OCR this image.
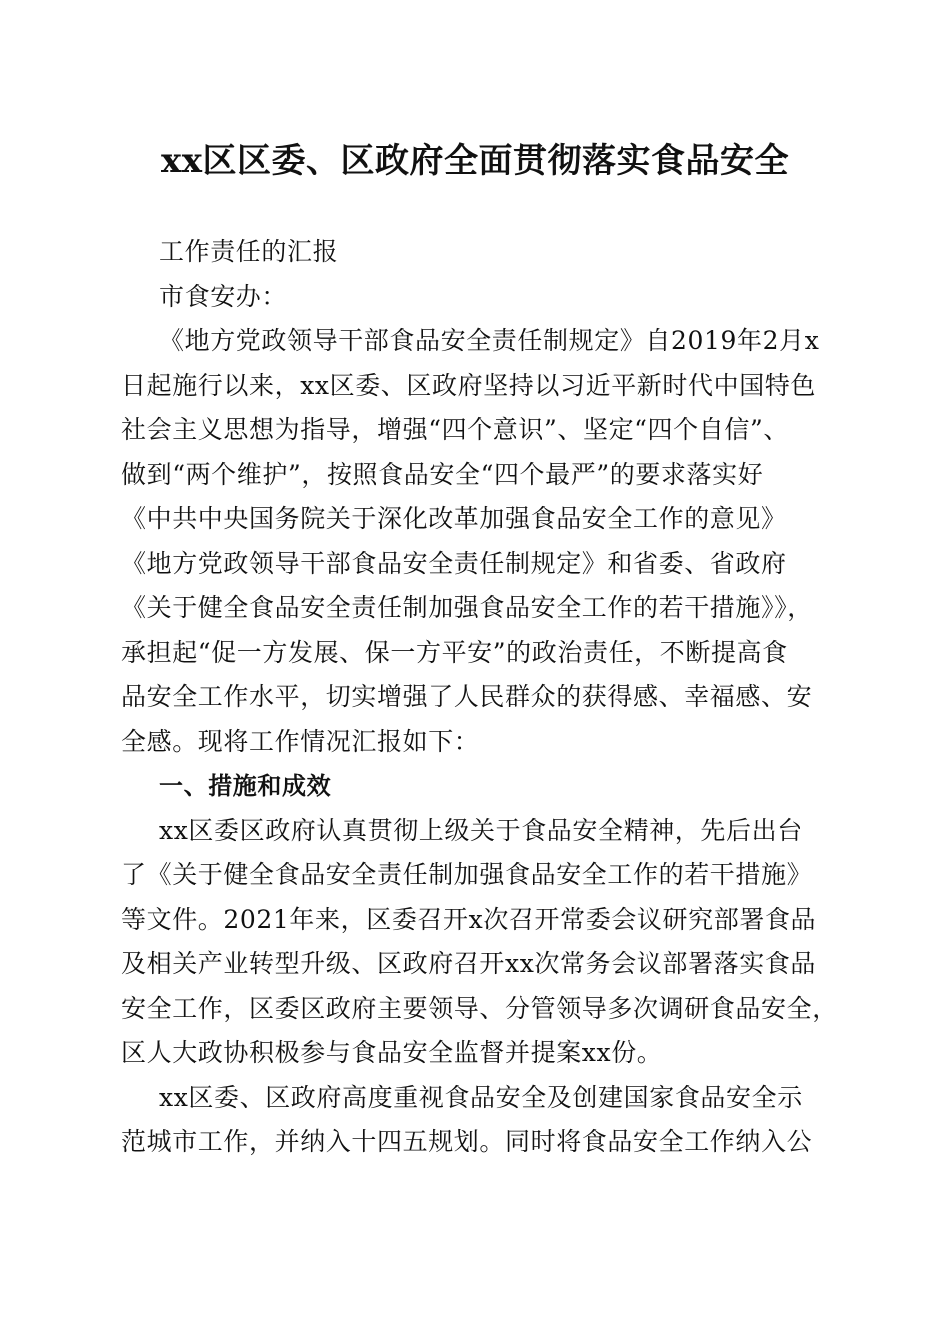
xx区区委、区政府全面贯彻落实食品安全
工作责任的汇报
市食安办：
《地方党政领导干部食品安全责任制规定》自2019年2月x
日起施行以来，xx区委、区政府坚持以习近平新时代中国特色
社会主义思想为指导，增强“四个意识”、坚定“四个自信”、
做到“两个维护”，按照食品安全“四个最严”的要求落实好
《中共中央国务院关于深化改革加强食品安全工作的意见》
《地方党政领导干部食品安全责任制规定》和省委、省政府
《关于健全食品安全责任制加强食品安全工作的若干措施》》，
承担起“促一方发展、保一方平安”的政治责任，不断提高食
品安全工作水平，切实增强了人民群众的获得感、幸福感、安
全感。现将工作情况汇报如下：
一、措施和成效
xx区委区政府认真贯彻上级关于食品安全精神，先后出台
了《关于健全食品安全责任制加强食品安全工作的若干措施》
等文件。2021年来，区委召开x次召开常委会议研究部署食品
及相关产业转型升级、区政府召开xx次常务会议部署落实食品
安全工作，区委区政府主要领导、分管领导多次调研食品安全，
区人大政协积极参与食品安全监督并提案xx份。
xx区委、区政府高度重视食品安全及创建国家食品安全示
范城市工作，并纳入十四五规划。同时将食品安全工作纳入公
